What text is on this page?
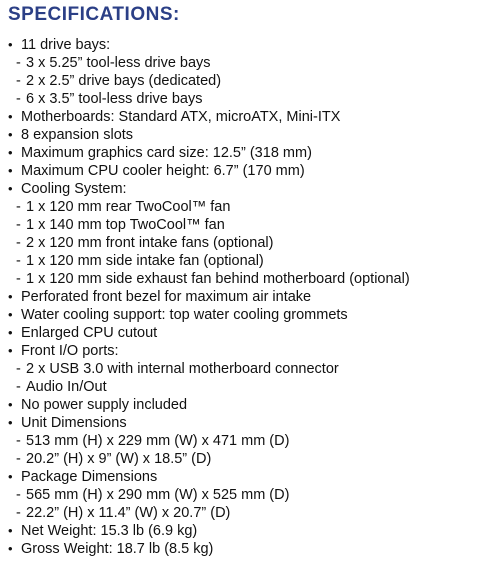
SPECIFICATIONS:
• 11 drive bays:
- 3 x 5.25” tool-less drive bays
- 2 x 2.5” drive bays (dedicated)
- 6 x 3.5” tool-less drive bays
• Motherboards: Standard ATX, microATX, Mini-ITX
• 8 expansion slots
• Maximum graphics card size: 12.5” (318 mm)
• Maximum CPU cooler height: 6.7” (170 mm)
• Cooling System:
- 1 x 120 mm rear TwoCool™ fan
- 1 x 140 mm top TwoCool™ fan
- 2 x 120 mm front intake fans (optional)
- 1 x 120 mm side intake fan (optional)
- 1 x 120 mm side exhaust fan behind motherboard (optional)
• Perforated front bezel for maximum air intake
• Water cooling support: top water cooling grommets
• Enlarged CPU cutout
• Front I/O ports:
- 2 x USB 3.0 with internal motherboard connector
- Audio In/Out
• No power supply included
• Unit Dimensions
- 513 mm (H) x 229 mm (W) x 471 mm (D)
- 20.2” (H) x 9” (W) x 18.5” (D)
• Package Dimensions
- 565 mm (H) x 290 mm (W) x 525 mm (D)
- 22.2” (H) x 11.4” (W) x 20.7” (D)
• Net Weight: 15.3 lb (6.9 kg)
• Gross Weight: 18.7 lb (8.5 kg)
